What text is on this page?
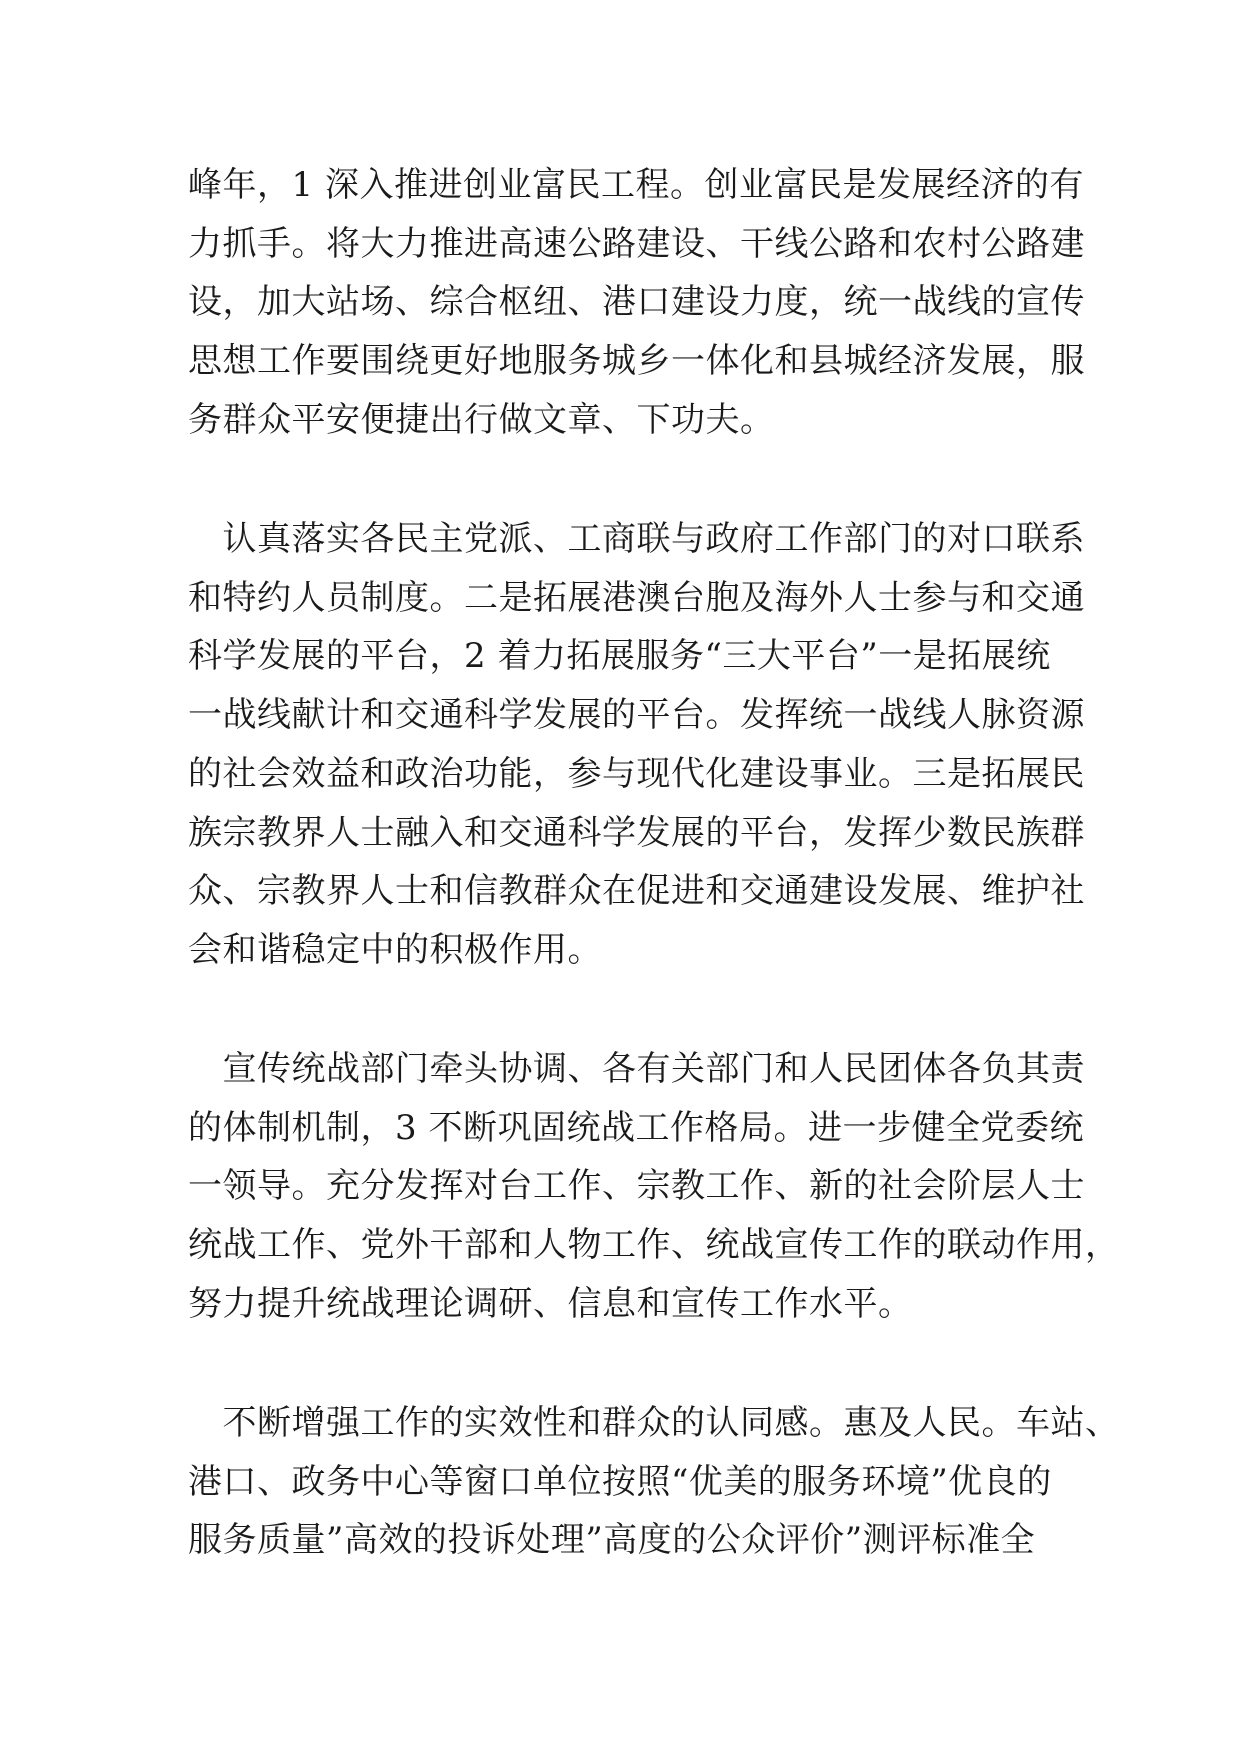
峰年，1 深入推进创业富民工程。创业富民是发展经济的有
力抓手。将大力推进高速公路建设、干线公路和农村公路建
设，加大站场、综合枢纽、港口建设力度，统一战线的宣传
思想工作要围绕更好地服务城乡一体化和县城经济发展，服
务群众平安便捷出行做文章、下功夫。

　认真落实各民主党派、工商联与政府工作部门的对口联系
和特约人员制度。二是拓展港澳台胞及海外人士参与和交通
科学发展的平台，2 着力拓展服务“三大平台”一是拓展统
一战线献计和交通科学发展的平台。发挥统一战线人脉资源
的社会效益和政治功能，参与现代化建设事业。三是拓展民
族宗教界人士融入和交通科学发展的平台，发挥少数民族群
众、宗教界人士和信教群众在促进和交通建设发展、维护社
会和谐稳定中的积极作用。

　宣传统战部门牵头协调、各有关部门和人民团体各负其责
的体制机制，3 不断巩固统战工作格局。进一步健全党委统
一领导。充分发挥对台工作、宗教工作、新的社会阶层人士
统战工作、党外干部和人物工作、统战宣传工作的联动作用，
努力提升统战理论调研、信息和宣传工作水平。

　不断增强工作的实效性和群众的认同感。惠及人民。车站、
港口、政务中心等窗口单位按照“优美的服务环境”优良的
服务质量”高效的投诉处理”高度的公众评价”测评标准全
